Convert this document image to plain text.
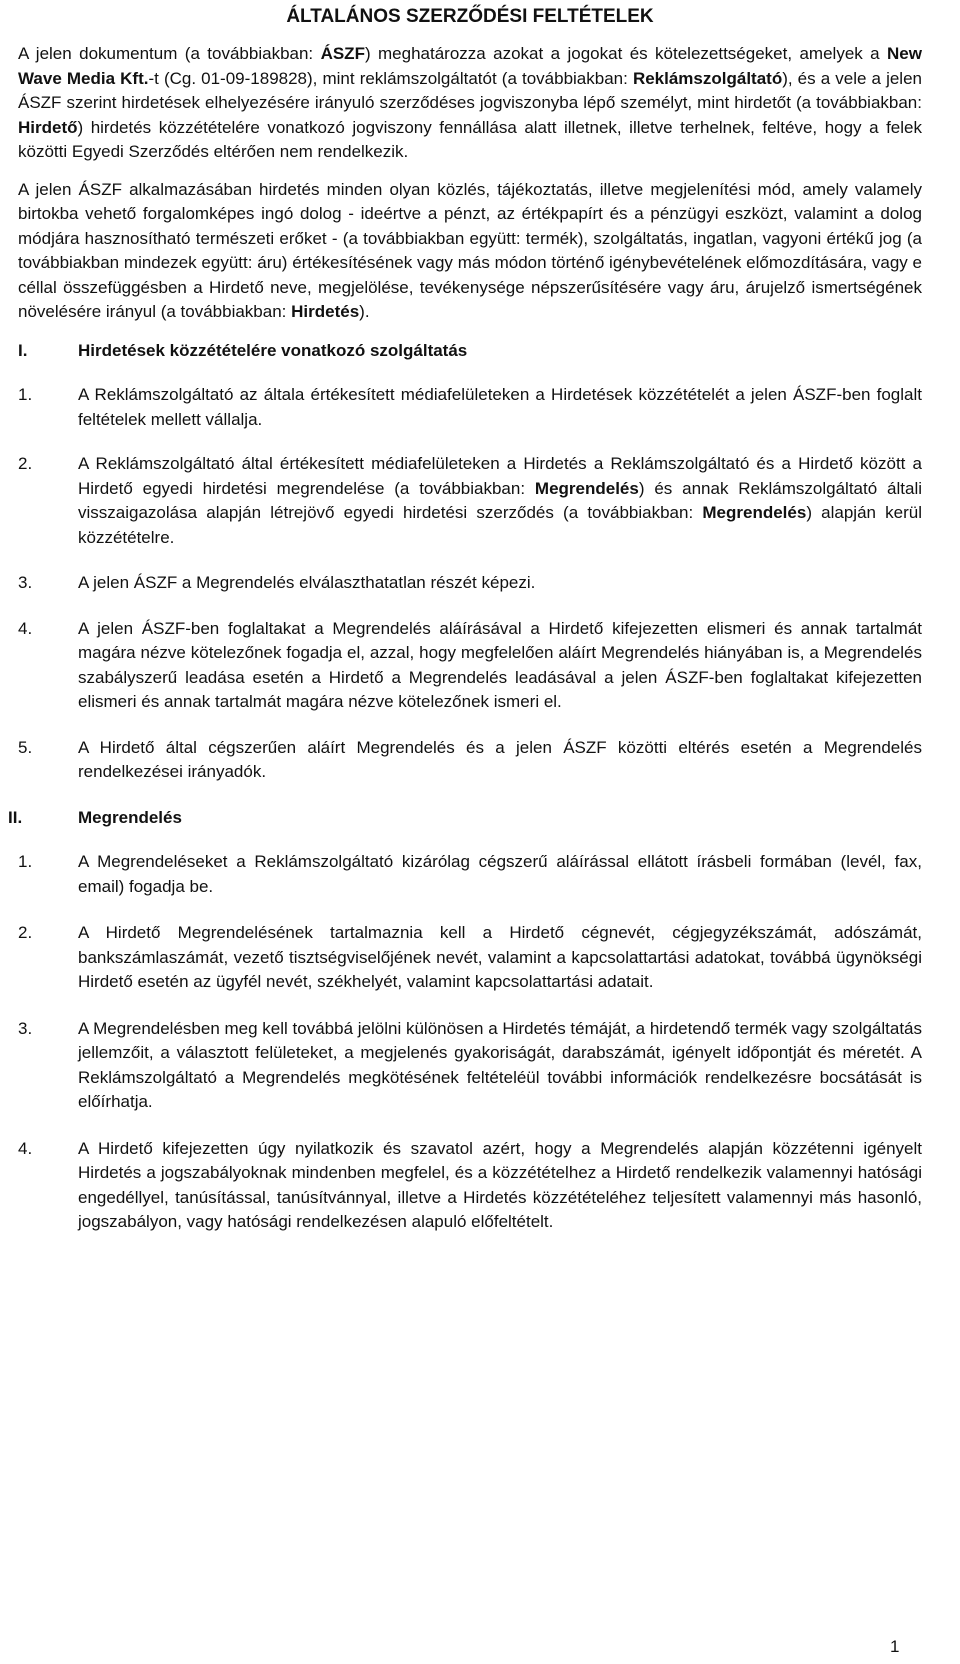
ÁLTALÁNOS SZERZŐDÉSI FELTÉTELEK

A jelen dokumentum (a továbbiakban: ÁSZF) meghatározza azokat a jogokat és kötelezettségeket, amelyek a New Wave Media Kft.-t (Cg. 01-09-189828), mint reklámszolgáltatót (a továbbiakban: Reklámszolgáltató), és a vele a jelen ÁSZF szerint hirdetések elhelyezésére irányuló szerződéses jogviszonyba lépő személyt, mint hirdetőt (a továbbiakban: Hirdető) hirdetés közzétételére vonatkozó jogviszony fennállása alatt illetnek, illetve terhelnek, feltéve, hogy a felek közötti Egyedi Szerződés eltérően nem rendelkezik.

A jelen ÁSZF alkalmazásában hirdetés minden olyan közlés, tájékoztatás, illetve megjelenítési mód, amely valamely birtokba vehető forgalomképes ingó dolog - ideértve a pénzt, az értékpapírt és a pénzügyi eszközt, valamint a dolog módjára hasznosítható természeti erőket - (a továbbiakban együtt: termék), szolgáltatás, ingatlan, vagyoni értékű jog (a továbbiakban mindezek együtt: áru) értékesítésének vagy más módon történő igénybevételének előmozdítására, vagy e céllal összefüggésben a Hirdető neve, megjelölése, tevékenysége népszerűsítésére vagy áru, árujelző ismertségének növelésére irányul (a továbbiakban: Hirdetés).

I.	Hirdetések közzétételére vonatkozó szolgáltatás
1.	A Reklámszolgáltató az általa értékesített médiafelületeken a Hirdetések közzétételét a jelen ÁSZF-ben foglalt feltételek mellett vállalja.
2.	A Reklámszolgáltató által értékesített médiafelületeken a Hirdetés a Reklámszolgáltató és a Hirdető között a Hirdető egyedi hirdetési megrendelése (a továbbiakban: Megrendelés) és annak Reklámszolgáltató általi visszaigazolása alapján létrejövő egyedi hirdetési szerződés (a továbbiakban: Megrendelés) alapján kerül közzétételre.
3.	A jelen ÁSZF a Megrendelés elválaszthatatlan részét képezi.
4.	A jelen ÁSZF-ben foglaltakat a Megrendelés aláírásával a Hirdető kifejezetten elismeri és annak tartalmát magára nézve kötelezőnek fogadja el, azzal, hogy megfelelően aláírt Megrendelés hiányában is, a Megrendelés szabályszerű leadása esetén a Hirdető a Megrendelés leadásával a jelen ÁSZF-ben foglaltakat kifejezetten elismeri és annak tartalmát magára nézve kötelezőnek ismeri el.
5.	A Hirdető által cégszerűen aláírt Megrendelés és a jelen ÁSZF közötti eltérés esetén a Megrendelés rendelkezései irányadók.
II.	Megrendelés
1.	A Megrendeléseket a Reklámszolgáltató kizárólag cégszerű aláírással ellátott írásbeli formában (levél, fax, email) fogadja be.
2.	A Hirdető Megrendelésének tartalmaznia kell a Hirdető cégnevét, cégjegyzékszámát, adószámát, bankszámlaszámát, vezető tisztségviselőjének nevét, valamint a kapcsolattartási adatokat, továbbá ügynökségi Hirdető esetén az ügyfél nevét, székhelyét, valamint kapcsolattartási adatait.
3.	A Megrendelésben meg kell továbbá jelölni különösen a Hirdetés témáját, a hirdetendő termék vagy szolgáltatás jellemzőit, a választott felületeket, a megjelenés gyakoriságát, darabszámát, igényelt időpontját és méretét. A Reklámszolgáltató a Megrendelés megkötésének feltételéül további információk rendelkezésre bocsátását is előírhatja.
4.	A Hirdető kifejezetten úgy nyilatkozik és szavatol azért, hogy a Megrendelés alapján közzétenni igényelt Hirdetés a jogszabályoknak mindenben megfelel, és a közzétételhez a Hirdető rendelkezik valamennyi hatósági engedéllyel, tanúsítással, tanúsítvánnyal, illetve a Hirdetés közzétételéhez teljesített valamennyi más hasonló, jogszabályon, vagy hatósági rendelkezésen alapuló előfeltételt.
1
